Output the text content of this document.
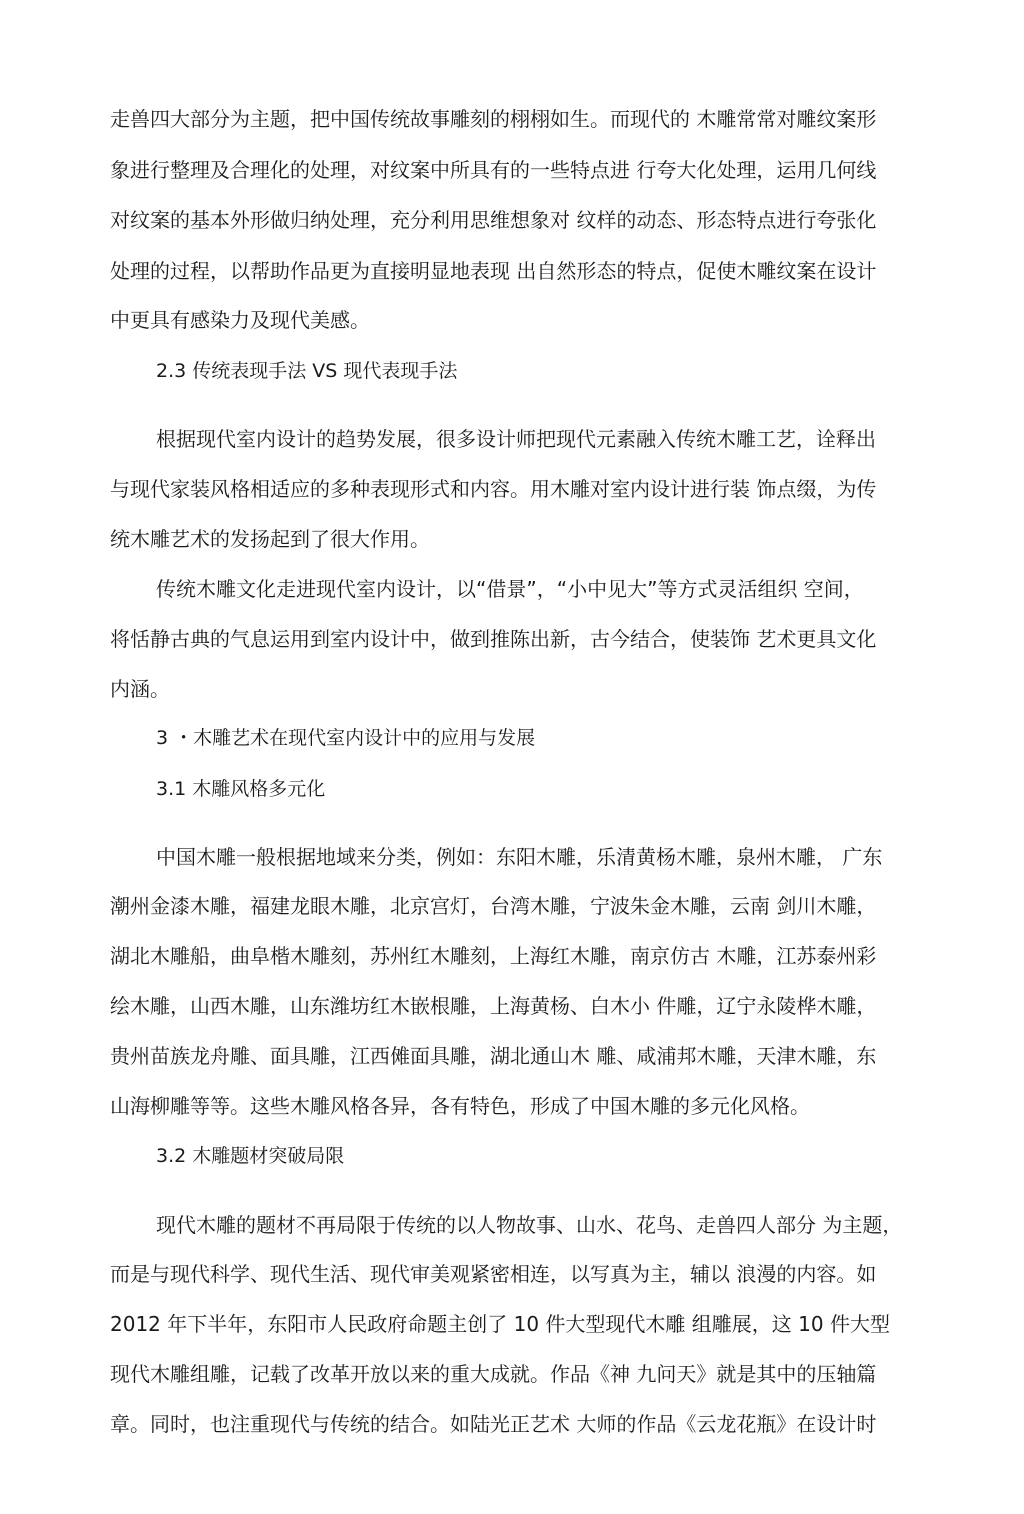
走兽四大部分为主题，把中国传统故事雕刻的栩栩如生。而现代的 木雕常常对雕纹案形
象进行整理及合理化的处理，对纹案中所具有的一些特点进 行夸大化处理，运用几何线
对纹案的基本外形做归纳处理，充分利用思维想象对 纹样的动态、形态特点进行夸张化
处理的过程，以帮助作品更为直接明显地表现 出自然形态的特点，促使木雕纹案在设计
中更具有感染力及现代美感。
2.3 传统表现手法 VS 现代表现手法
根据现代室内设计的趋势发展，很多设计师把现代元素融入传统木雕工艺，诠释出
与现代家装风格相适应的多种表现形式和内容。用木雕对室内设计进行装 饰点缀，为传
统木雕艺术的发扬起到了很大作用。
传统木雕文化走进现代室内设计，以“借景”，“小中见大”等方式灵活组织 空间，
将恬静古典的气息运用到室内设计中，做到推陈出新，古今结合，使装饰 艺术更具文化
内涵。
3 ・木雕艺术在现代室内设计中的应用与发展
3.1 木雕风格多元化
中国木雕一般根据地域来分类，例如：东阳木雕，乐清黄杨木雕，泉州木雕， 广东
潮州金漆木雕，福建龙眼木雕，北京宫灯，台湾木雕，宁波朱金木雕，云南 剑川木雕，
湖北木雕船，曲阜楷木雕刻，苏州红木雕刻，上海红木雕，南京仿古 木雕，江苏泰州彩
绘木雕，山西木雕，山东潍坊红木嵌根雕，上海黄杨、白木小 件雕，辽宁永陵桦木雕，
贵州苗族龙舟雕、面具雕，江西傩面具雕，湖北通山木 雕、咸浦邦木雕，天津木雕，东
山海柳雕等等。这些木雕风格各异，各有特色，形成了中国木雕的多元化风格。
3.2 木雕题材突破局限
现代木雕的题材不再局限于传统的以人物故事、山水、花鸟、走兽四人部分 为主题，
而是与现代科学、现代生活、现代审美观紧密相连，以写真为主，辅以 浪漫的内容。如
2012 年下半年，东阳市人民政府命题主创了 10 件大型现代木雕 组雕展，这 10 件大型
现代木雕组雕，记载了改革开放以来的重大成就。作品《神 九问天》就是其中的压轴篇
章。同时，也注重现代与传统的结合。如陆光正艺术 大师的作品《云龙花瓶》在设计时
